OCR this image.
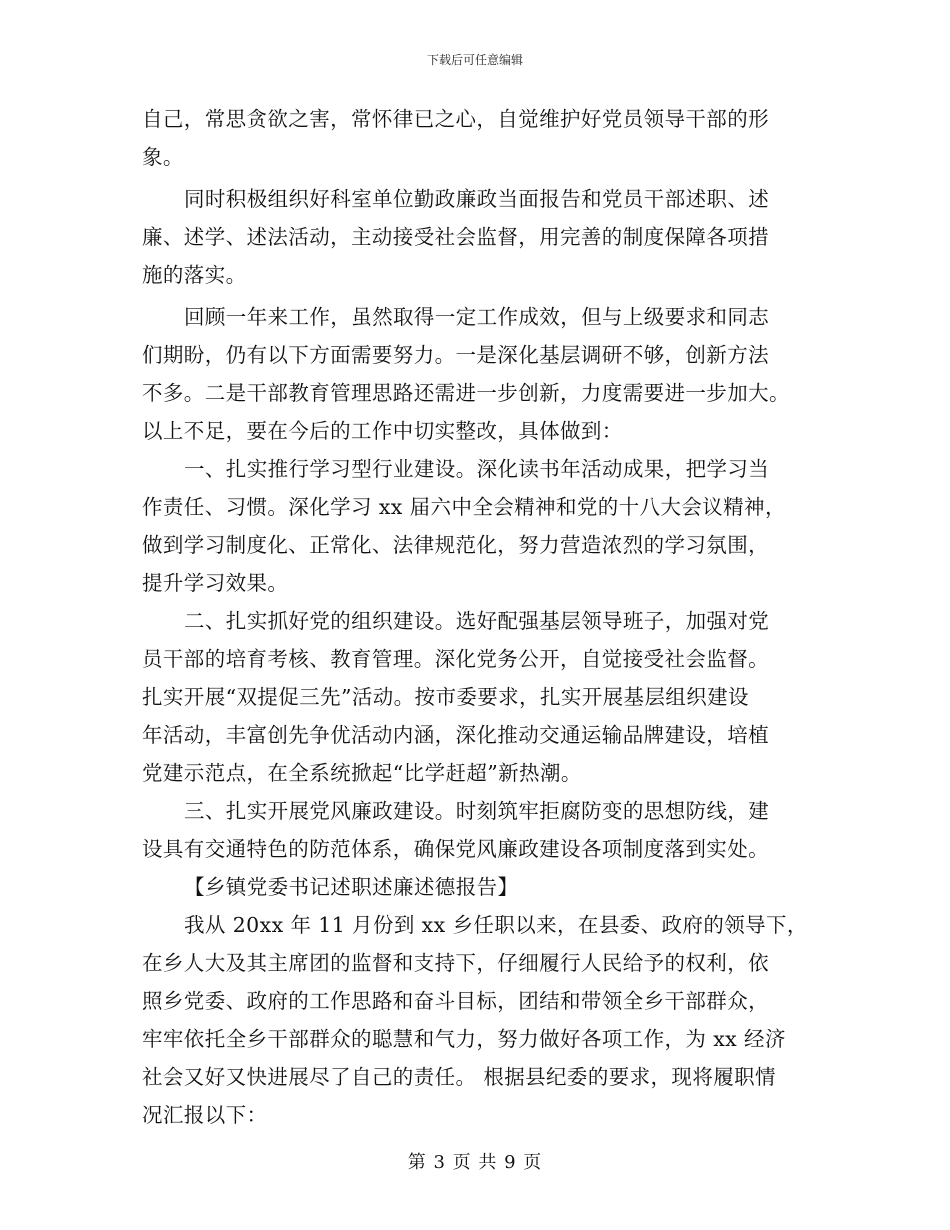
下载后可任意编辑
自己，常思贪欲之害，常怀律已之心，自觉维护好党员领导干部的形
象。
同时积极组织好科室单位勤政廉政当面报告和党员干部述职、述
廉、述学、述法活动，主动接受社会监督，用完善的制度保障各项措
施的落实。
回顾一年来工作，虽然取得一定工作成效，但与上级要求和同志
们期盼，仍有以下方面需要努力。一是深化基层调研不够，创新方法
不多。二是干部教育管理思路还需进一步创新，力度需要进一步加大。
以上不足，要在今后的工作中切实整改，具体做到：
一、扎实推行学习型行业建设。深化读书年活动成果，把学习当
作责任、习惯。深化学习 xx 届六中全会精神和党的十八大会议精神，
做到学习制度化、正常化、法律规范化，努力营造浓烈的学习氛围，
提升学习效果。
二、扎实抓好党的组织建设。选好配强基层领导班子，加强对党
员干部的培育考核、教育管理。深化党务公开，自觉接受社会监督。
扎实开展“双提促三先”活动。按市委要求，扎实开展基层组织建设
年活动，丰富创先争优活动内涵，深化推动交通运输品牌建设，培植
党建示范点，在全系统掀起“比学赶超”新热潮。
三、扎实开展党风廉政建设。时刻筑牢拒腐防变的思想防线，建
设具有交通特色的防范体系，确保党风廉政建设各项制度落到实处。
【乡镇党委书记述职述廉述德报告】
我从 20xx 年 11 月份到 xx 乡任职以来，在县委、政府的领导下，
在乡人大及其主席团的监督和支持下，仔细履行人民给予的权利，依
照乡党委、政府的工作思路和奋斗目标，团结和带领全乡干部群众，
牢牢依托全乡干部群众的聪慧和气力，努力做好各项工作，为 xx 经济
社会又好又快进展尽了自己的责任。 根据县纪委的要求，现将履职情
况汇报以下：
第 3 页 共 9 页
